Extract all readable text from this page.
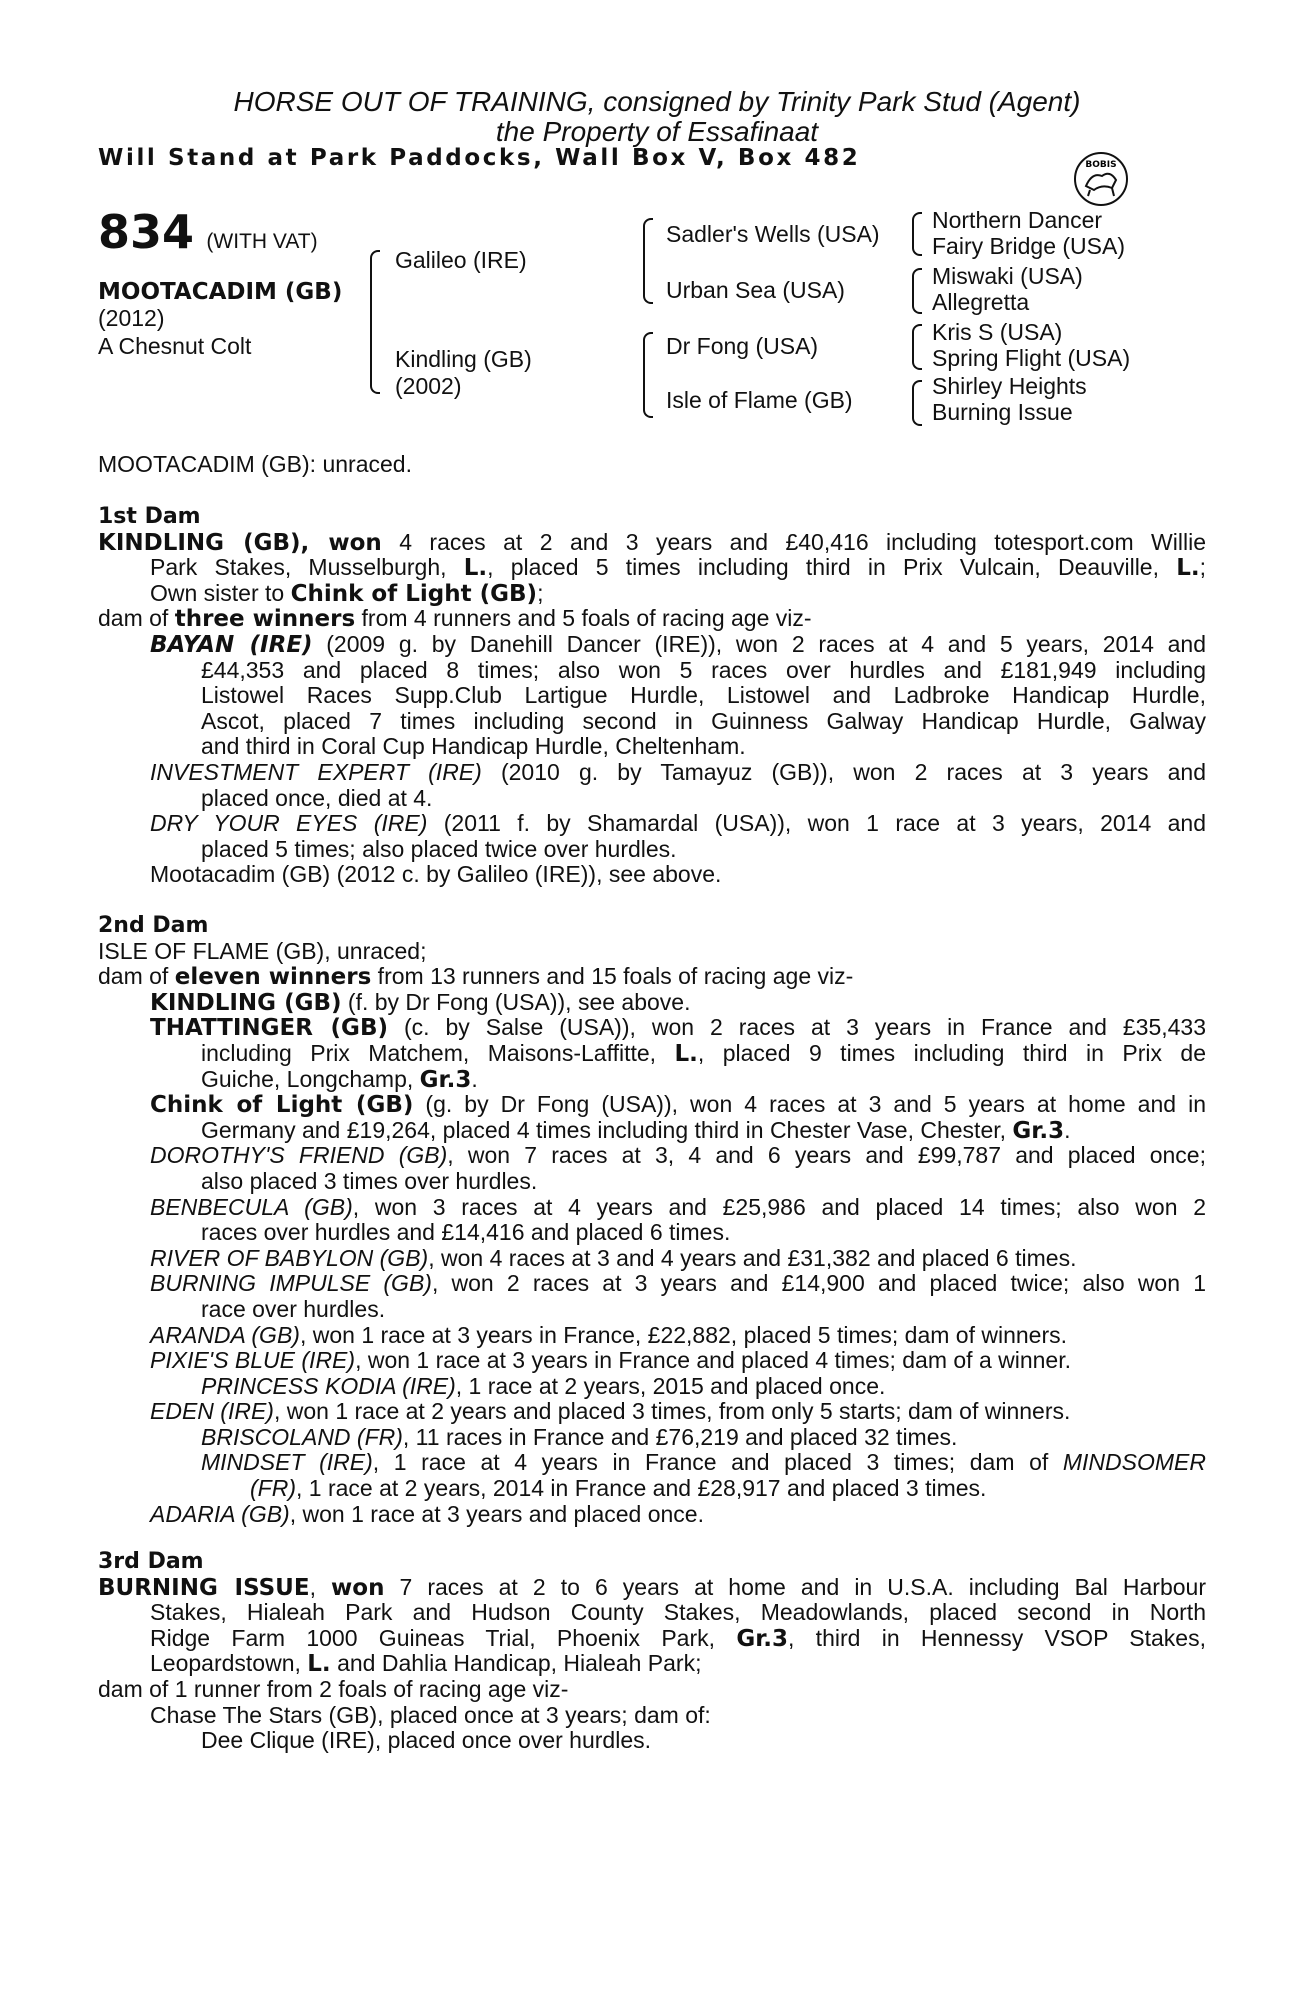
HORSE OUT OF TRAINING, consigned by Trinity Park Stud (Agent)
the Property of Essafinaat
Will Stand at Park Paddocks, Wall Box V, Box 482	BOBIS
834 (WITH VAT)
MOOTACADIM (GB)
(2012)
A Chesnut Colt
Galileo (IRE)
Kindling (GB)
(2002)
Sadler's Wells (USA)
Urban Sea (USA)
Dr Fong (USA)
Isle of Flame (GB)
Northern Dancer
Fairy Bridge (USA)
Miswaki (USA)
Allegretta
Kris S (USA)
Spring Flight (USA)
Shirley Heights
Burning Issue
MOOTACADIM (GB): unraced.
1st Dam
KINDLING (GB), won 4 races at 2 and 3 years and £40,416 including totesport.com Willie
Park Stakes, Musselburgh, L., placed 5 times including third in Prix Vulcain, Deauville, L.;
Own sister to Chink of Light (GB);
dam of three winners from 4 runners and 5 foals of racing age viz-
BAYAN (IRE) (2009 g. by Danehill Dancer (IRE)), won 2 races at 4 and 5 years, 2014 and
£44,353 and placed 8 times; also won 5 races over hurdles and £181,949 including
Listowel Races Supp.Club Lartigue Hurdle, Listowel and Ladbroke Handicap Hurdle,
Ascot, placed 7 times including second in Guinness Galway Handicap Hurdle, Galway
and third in Coral Cup Handicap Hurdle, Cheltenham.
INVESTMENT EXPERT (IRE) (2010 g. by Tamayuz (GB)), won 2 races at 3 years and
placed once, died at 4.
DRY YOUR EYES (IRE) (2011 f. by Shamardal (USA)), won 1 race at 3 years, 2014 and
placed 5 times; also placed twice over hurdles.
Mootacadim (GB) (2012 c. by Galileo (IRE)), see above.
2nd Dam
ISLE OF FLAME (GB), unraced;
dam of eleven winners from 13 runners and 15 foals of racing age viz-
KINDLING (GB) (f. by Dr Fong (USA)), see above.
THATTINGER (GB) (c. by Salse (USA)), won 2 races at 3 years in France and £35,433
including Prix Matchem, Maisons-Laffitte, L., placed 9 times including third in Prix de
Guiche, Longchamp, Gr.3.
Chink of Light (GB) (g. by Dr Fong (USA)), won 4 races at 3 and 5 years at home and in
Germany and £19,264, placed 4 times including third in Chester Vase, Chester, Gr.3.
DOROTHY'S FRIEND (GB), won 7 races at 3, 4 and 6 years and £99,787 and placed once;
also placed 3 times over hurdles.
BENBECULA (GB), won 3 races at 4 years and £25,986 and placed 14 times; also won 2
races over hurdles and £14,416 and placed 6 times.
RIVER OF BABYLON (GB), won 4 races at 3 and 4 years and £31,382 and placed 6 times.
BURNING IMPULSE (GB), won 2 races at 3 years and £14,900 and placed twice; also won 1
race over hurdles.
ARANDA (GB), won 1 race at 3 years in France, £22,882, placed 5 times; dam of winners.
PIXIE'S BLUE (IRE), won 1 race at 3 years in France and placed 4 times; dam of a winner.
PRINCESS KODIA (IRE), 1 race at 2 years, 2015 and placed once.
EDEN (IRE), won 1 race at 2 years and placed 3 times, from only 5 starts; dam of winners.
BRISCOLAND (FR), 11 races in France and £76,219 and placed 32 times.
MINDSET (IRE), 1 race at 4 years in France and placed 3 times; dam of MINDSOMER
(FR), 1 race at 2 years, 2014 in France and £28,917 and placed 3 times.
ADARIA (GB), won 1 race at 3 years and placed once.
3rd Dam
BURNING ISSUE, won 7 races at 2 to 6 years at home and in U.S.A. including Bal Harbour
Stakes, Hialeah Park and Hudson County Stakes, Meadowlands, placed second in North
Ridge Farm 1000 Guineas Trial, Phoenix Park, Gr.3, third in Hennessy VSOP Stakes,
Leopardstown, L. and Dahlia Handicap, Hialeah Park;
dam of 1 runner from 2 foals of racing age viz-
Chase The Stars (GB), placed once at 3 years; dam of:
Dee Clique (IRE), placed once over hurdles.
